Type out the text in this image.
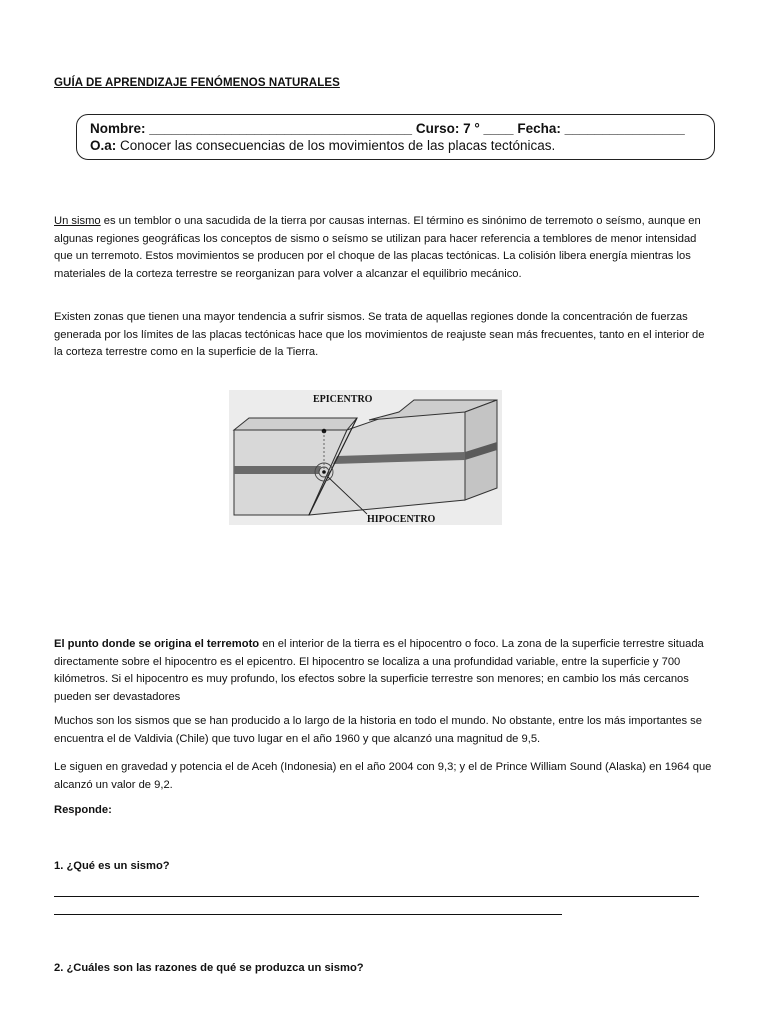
GUÍA DE APRENDIZAJE FENÓMENOS NATURALES
Nombre: ___________________________________ Curso: 7 ° ____ Fecha: ________________
O.a: Conocer las consecuencias de los movimientos de las placas tectónicas.
Un sismo es un temblor o una sacudida de la tierra por causas internas. El término es sinónimo de terremoto o seísmo, aunque en algunas regiones geográficas los conceptos de sismo o seísmo se utilizan para hacer referencia a temblores de menor intensidad que un terremoto. Estos movimientos se producen por el choque de las placas tectónicas. La colisión libera energía mientras los materiales de la corteza terrestre se reorganizan para volver a alcanzar el equilibrio mecánico.
Existen zonas que tienen una mayor tendencia a sufrir sismos. Se trata de aquellas regiones donde la concentración de fuerzas generada por los límites de las placas tectónicas hace que los movimientos de reajuste sean más frecuentes, tanto en el interior de la corteza terrestre como en la superficie de la Tierra.
EPICENTRO
HIPOCENTRO
El punto donde se origina el terremoto en el interior de la tierra es el hipocentro o foco. La zona de la superficie terrestre situada directamente sobre el hipocentro es el epicentro. El hipocentro se localiza a una profundidad variable, entre la superficie y 700 kilómetros. Si el hipocentro es muy profundo, los efectos sobre la superficie terrestre son menores; en cambio los más cercanos pueden ser devastadores
Muchos son los sismos que se han producido a lo largo de la historia en todo el mundo. No obstante, entre los más importantes se encuentra el de Valdivia (Chile) que tuvo lugar en el año 1960 y que alcanzó una magnitud de 9,5.
Le siguen en gravedad y potencia el de Aceh (Indonesia) en el año 2004 con 9,3; y el de Prince William Sound (Alaska) en 1964 que alcanzó un valor de 9,2.
Responde:
1. ¿Qué es un sismo?
2. ¿Cuáles son las razones de qué se produzca un sismo?
